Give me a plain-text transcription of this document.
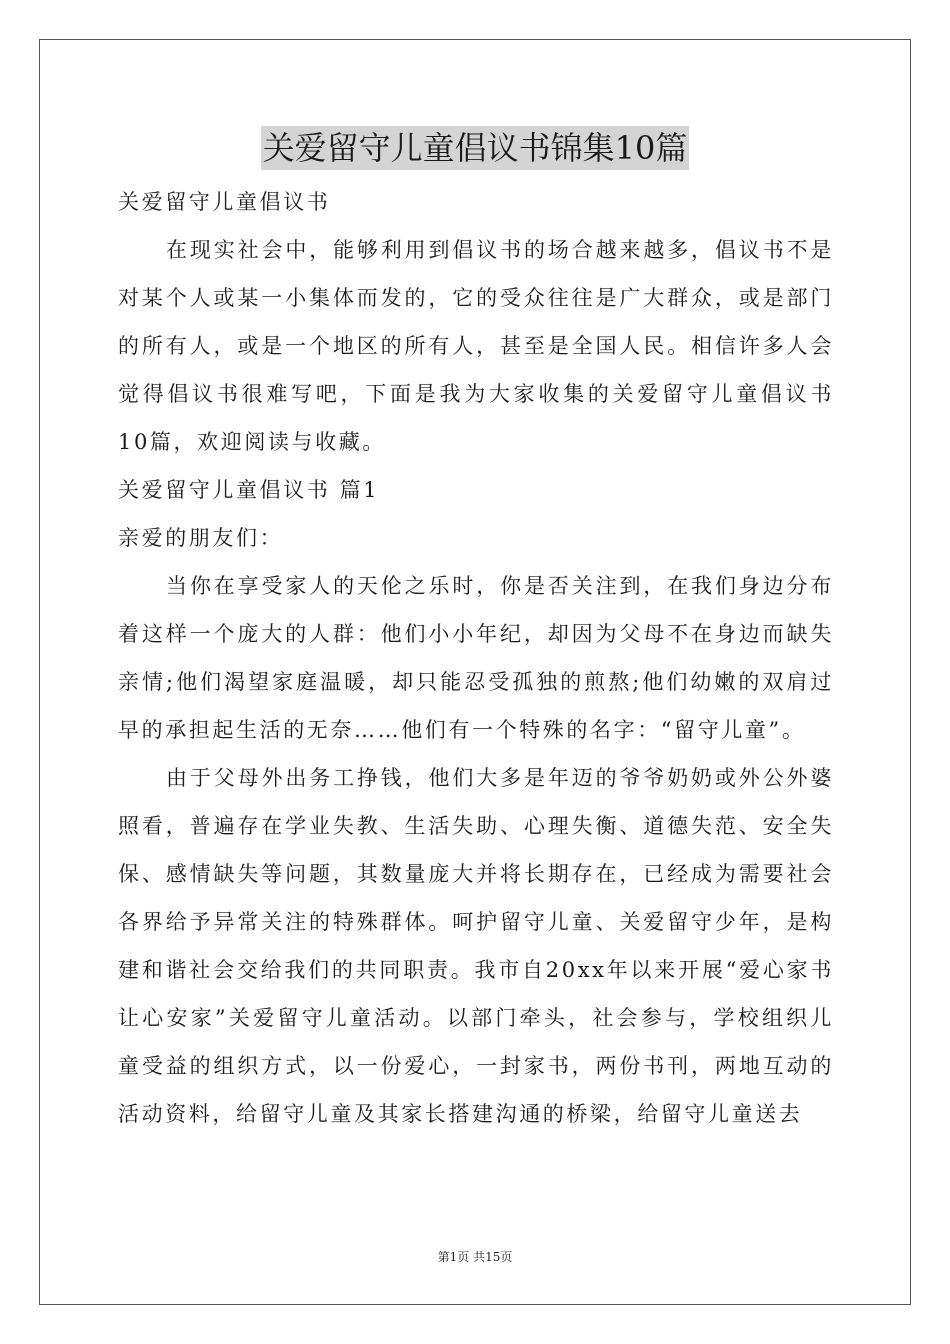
关爱留守儿童倡议书锦集10篇
关爱留守儿童倡议书
在现实社会中，能够利用到倡议书的场合越来越多，倡议书不是对某个人或某一小集体而发的，它的受众往往是广大群众，或是部门的所有人，或是一个地区的所有人，甚至是全国人民。相信许多人会觉得倡议书很难写吧，下面是我为大家收集的关爱留守儿童倡议书10篇，欢迎阅读与收藏。
关爱留守儿童倡议书 篇1
亲爱的朋友们：
当你在享受家人的天伦之乐时，你是否关注到，在我们身边分布着这样一个庞大的人群：他们小小年纪，却因为父母不在身边而缺失亲情;他们渴望家庭温暖，却只能忍受孤独的煎熬;他们幼嫩的双肩过早的承担起生活的无奈……他们有一个特殊的名字：“留守儿童”。
由于父母外出务工挣钱，他们大多是年迈的爷爷奶奶或外公外婆照看，普遍存在学业失教、生活失助、心理失衡、道德失范、安全失保、感情缺失等问题，其数量庞大并将长期存在，已经成为需要社会各界给予异常关注的特殊群体。呵护留守儿童、关爱留守少年，是构建和谐社会交给我们的共同职责。我市自20xx年以来开展“爱心家书让心安家”关爱留守儿童活动。以部门牵头，社会参与，学校组织儿童受益的组织方式，以一份爱心，一封家书，两份书刊，两地互动的活动资料，给留守儿童及其家长搭建沟通的桥梁，给留守儿童送去
第1页 共15页
